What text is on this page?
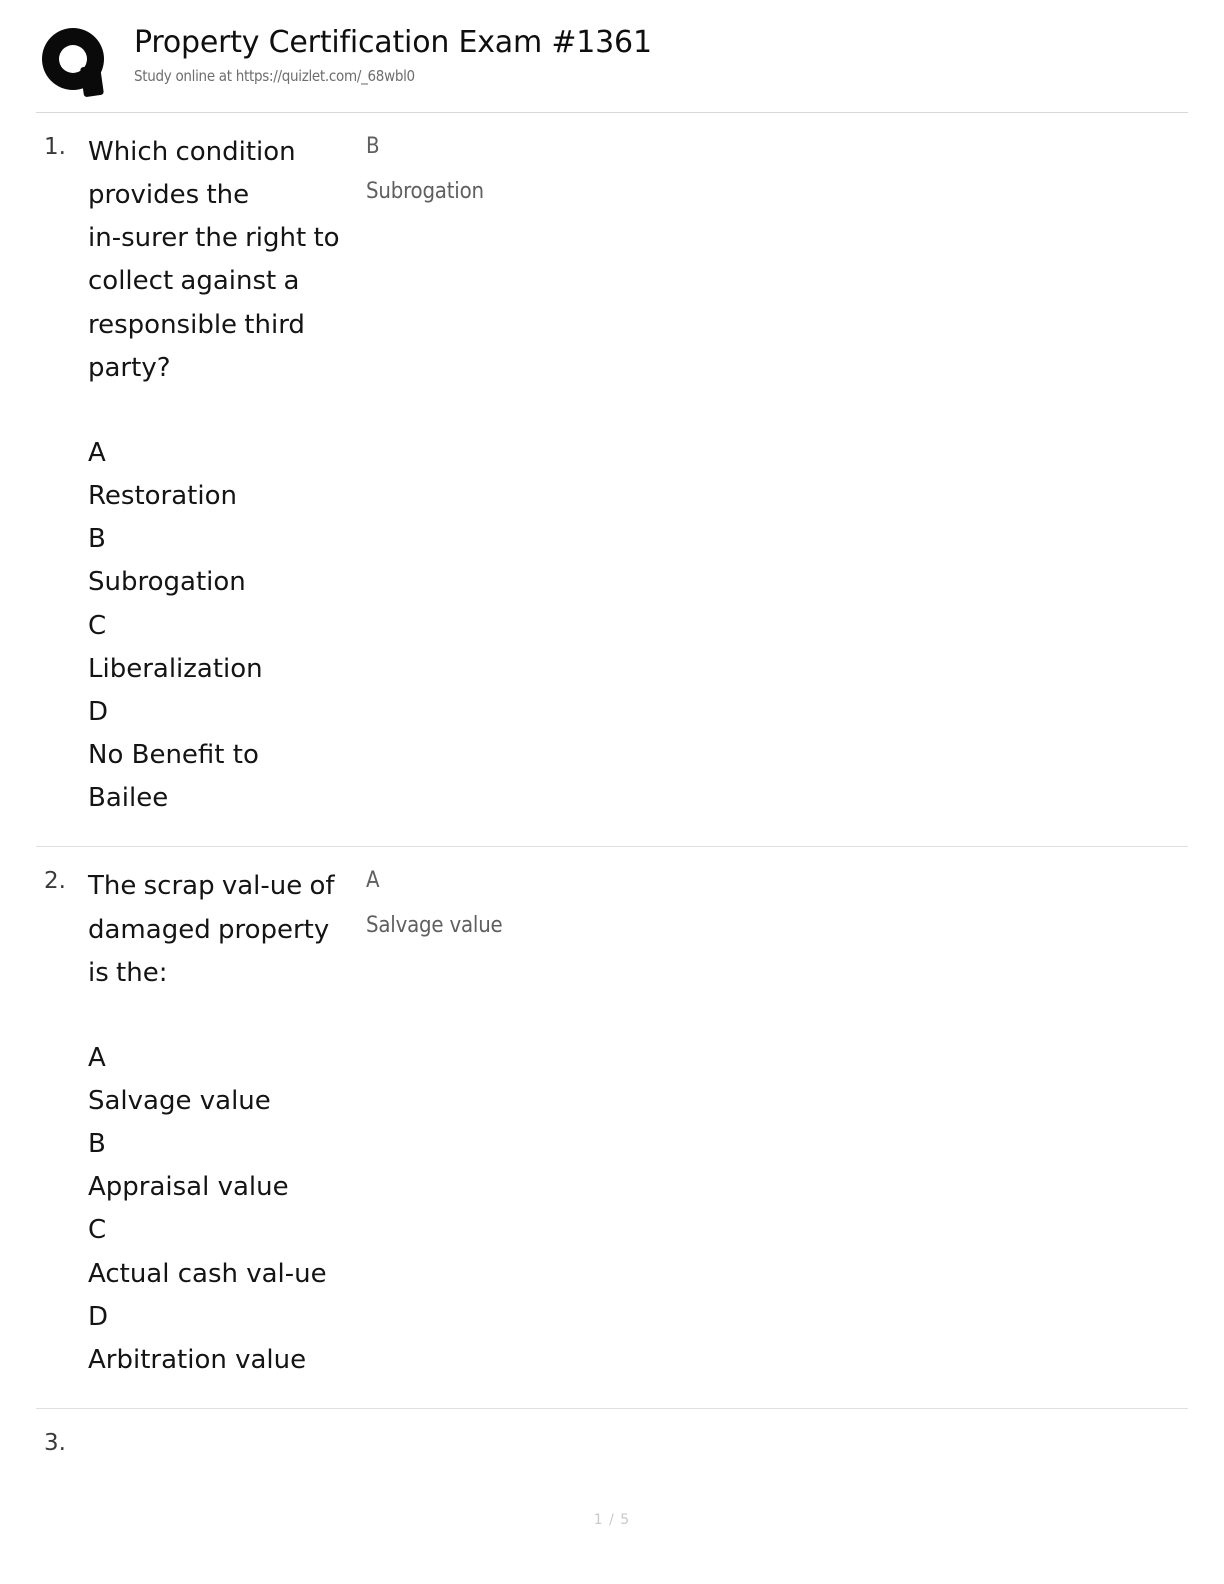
Property Certification Exam #1361
Study online at https://quizlet.com/_68wbl0
1. Which condition provides the in‑surer the right to collect against a responsible third party?
A
Restoration
B
Subrogation
C
Liberalization
D
No Benefit to Bailee
B
Subrogation
2. The scrap val‑ue of damaged property is the:
A
Salvage value
B
Appraisal value
C
Actual cash val‑ue
D
Arbitration value
A
Salvage value
3.
1 / 5
